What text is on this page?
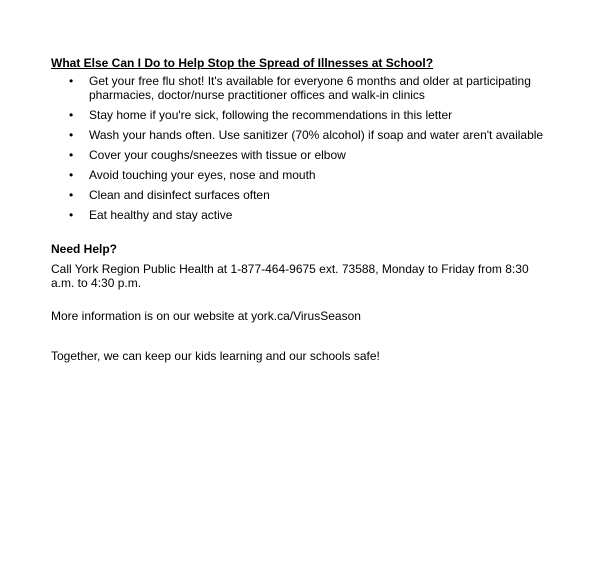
What Else Can I Do to Help Stop the Spread of Illnesses at School?
•	Get your free flu shot! It's available for everyone 6 months and older at participating pharmacies, doctor/nurse practitioner offices and walk-in clinics
•	Stay home if you're sick, following the recommendations in this letter
•	Wash your hands often. Use sanitizer (70% alcohol) if soap and water aren't available
•	Cover your coughs/sneezes with tissue or elbow
•	Avoid touching your eyes, nose and mouth
•	Clean and disinfect surfaces often
•	Eat healthy and stay active
Need Help?

Call York Region Public Health at 1-877-464-9675 ext. 73588, Monday to Friday from 8:30 a.m. to 4:30 p.m.

More information is on our website at york.ca/VirusSeason

Together, we can keep our kids learning and our schools safe!
